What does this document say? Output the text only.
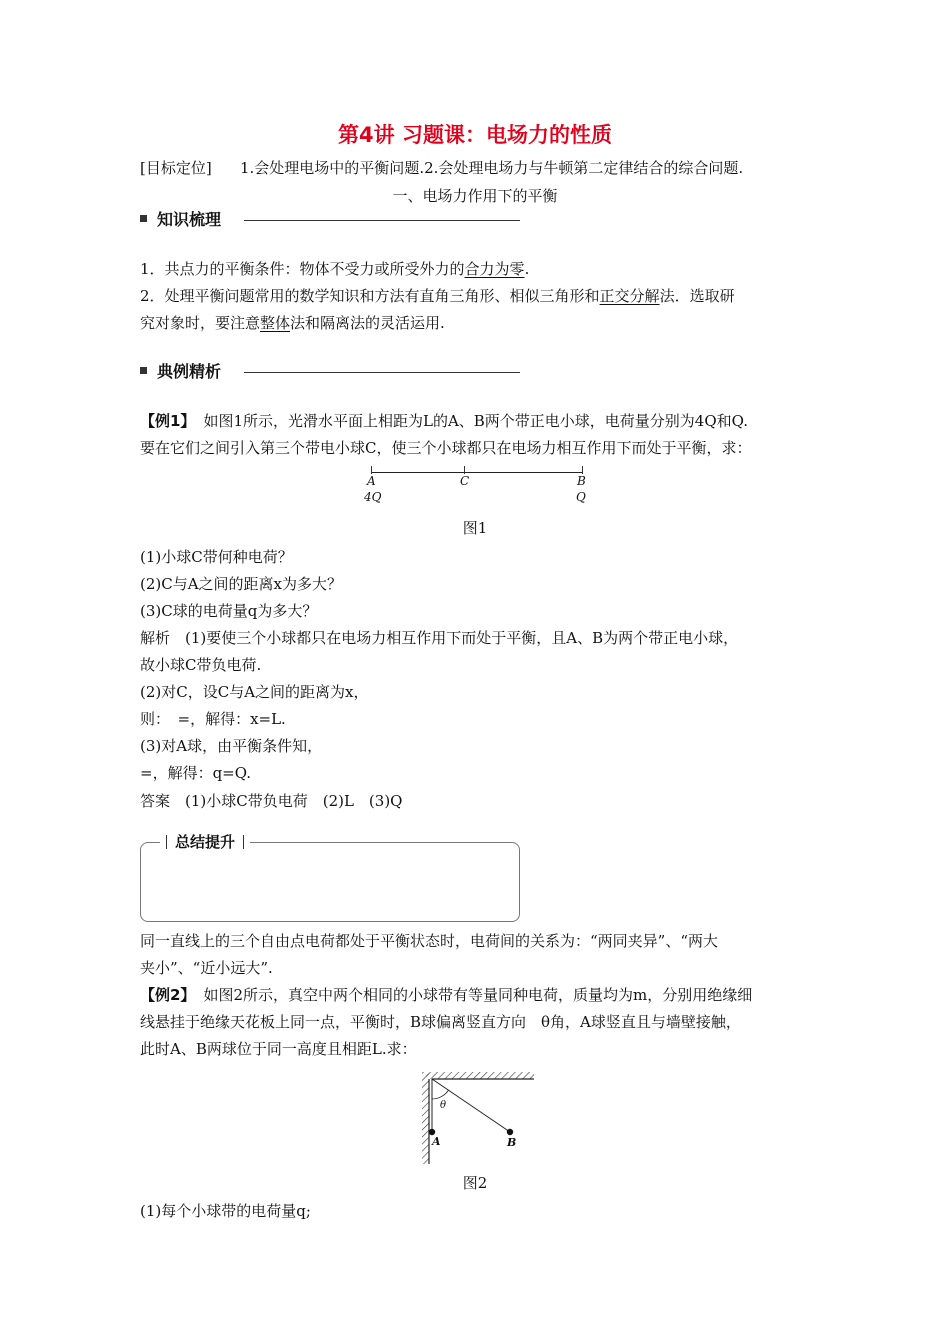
第4讲 习题课：电场力的性质
[目标定位] 1.会处理电场中的平衡问题.2.会处理电场力与牛顿第二定律结合的综合问题.
一、电场力作用下的平衡
知识梳理
1．共点力的平衡条件：物体不受力或所受外力的合力为零.
2．处理平衡问题常用的数学知识和方法有直角三角形、相似三角形和正交分解法．选取研
究对象时，要注意整体法和隔离法的灵活运用.
典例精析
【例1】 如图1所示，光滑水平面上相距为L的A、B两个带正电小球，电荷量分别为4Q和Q.
要在它们之间引入第三个带电小球C，使三个小球都只在电场力相互作用下而处于平衡，求：
A
4Q
C	B
Q
图1
(1)小球C带何种电荷？
(2)C与A之间的距离x为多大？
(3)C球的电荷量q为多大？
解析　(1)要使三个小球都只在电场力相互作用下而处于平衡，且A、B为两个带正电小球，
故小球C带负电荷.
(2)对C，设C与A之间的距离为x，
则：　=，解得：x=L.
(3)对A球，由平衡条件知，
=，解得：q=Q.
答案　(1)小球C带负电荷　(2)L　(3)Q
总结提升
同一直线上的三个自由点电荷都处于平衡状态时，电荷间的关系为：“两同夹异”、“两大
夹小”、“近小远大”.
【例2】 如图2所示，真空中两个相同的小球带有等量同种电荷，质量均为m，分别用绝缘细
线悬挂于绝缘天花板上同一点，平衡时，B球偏离竖直方向　θ角，A球竖直且与墙壁接触，
此时A、B两球位于同一高度且相距L.求：
θ
A	B
图2
(1)每个小球带的电荷量q;
